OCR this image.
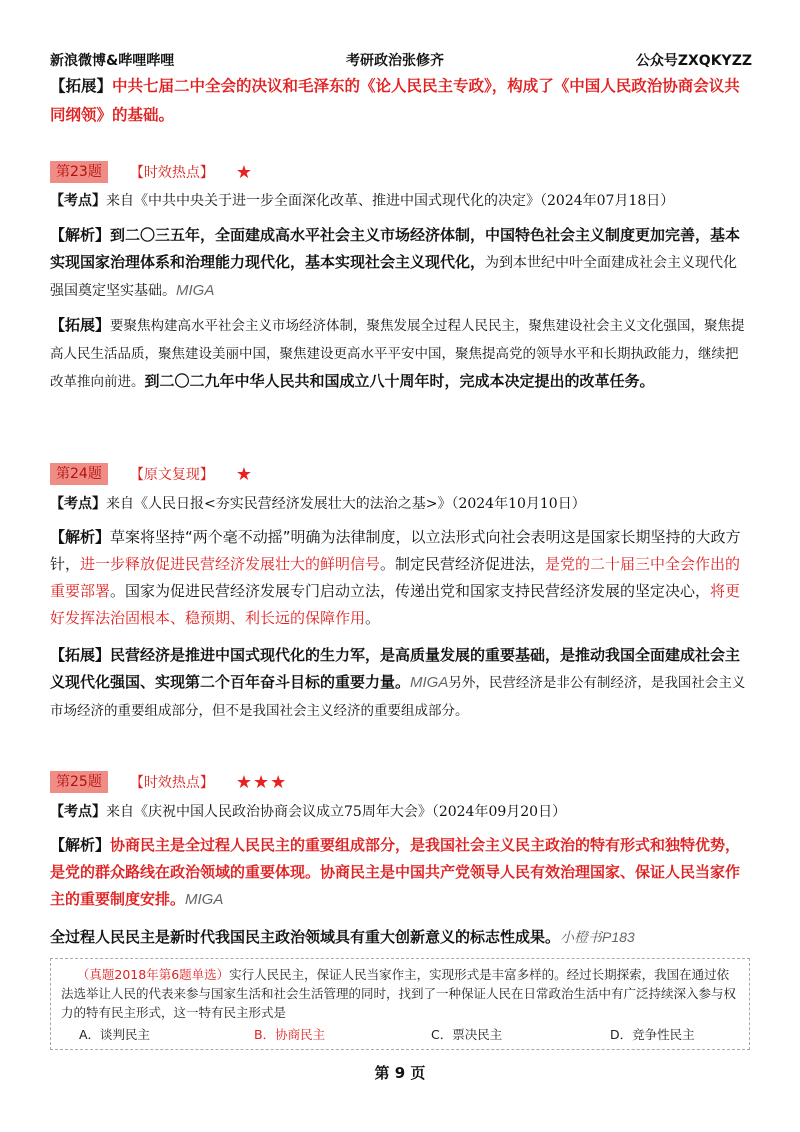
新浪微博&哔哩哔哩	考研政治张修齐	公众号ZXQKYZZ

【拓展】中共七届二中全会的决议和毛泽东的《论人民民主专政》，构成了《中国人民政治协商会议共同纲领》的基础。

第23题	【时效热点】 ★

【考点】来自《中共中央关于进一步全面深化改革、推进中国式现代化的决定》（2024年07月18日）

【解析】到二〇三五年，全面建成高水平社会主义市场经济体制，中国特色社会主义制度更加完善，基本实现国家治理体系和治理能力现代化，基本实现社会主义现代化，为到本世纪中叶全面建成社会主义现代化强国奠定坚实基础。MIGA

【拓展】要聚焦构建高水平社会主义市场经济体制，聚焦发展全过程人民民主，聚焦建设社会主义文化强国，聚焦提高人民生活品质，聚焦建设美丽中国，聚焦建设更高水平平安中国，聚焦提高党的领导水平和长期执政能力，继续把改革推向前进。到二〇二九年中华人民共和国成立八十周年时，完成本决定提出的改革任务。

第24题	【原文复现】 ★

【考点】来自《人民日报<夯实民营经济发展壮大的法治之基>》（2024年10月10日）

【解析】草案将坚持“两个毫不动摇”明确为法律制度，以立法形式向社会表明这是国家长期坚持的大政方针，进一步释放促进民营经济发展壮大的鲜明信号。制定民营经济促进法，是党的二十届三中全会作出的重要部署。国家为促进民营经济发展专门启动立法，传递出党和国家支持民营经济发展的坚定决心，将更好发挥法治固根本、稳预期、利长远的保障作用。

【拓展】民营经济是推进中国式现代化的生力军，是高质量发展的重要基础，是推动我国全面建成社会主义现代化强国、实现第二个百年奋斗目标的重要力量。MIGA另外，民营经济是非公有制经济，是我国社会主义市场经济的重要组成部分，但不是我国社会主义经济的重要组成部分。

第25题	【时效热点】 ★★★

【考点】来自《庆祝中国人民政治协商会议成立75周年大会》（2024年09月20日）

【解析】协商民主是全过程人民民主的重要组成部分，是我国社会主义民主政治的特有形式和独特优势，是党的群众路线在政治领域的重要体现。协商民主是中国共产党领导人民有效治理国家、保证人民当家作主的重要制度安排。MIGA

全过程人民民主是新时代我国民主政治领域具有重大创新意义的标志性成果。小橙书P183

（真题2018年第6题单选）实行人民民主，保证人民当家作主，实现形式是丰富多样的。经过长期探索，我国在通过依法选举让人民的代表来参与国家生活和社会生活管理的同时，找到了一种保证人民在日常政治生活中有广泛持续深入参与权力的特有民主形式，这一特有民主形式是
A．谈判民主	B．协商民主	C．票决民主	D．竞争性民主
第 9 页
